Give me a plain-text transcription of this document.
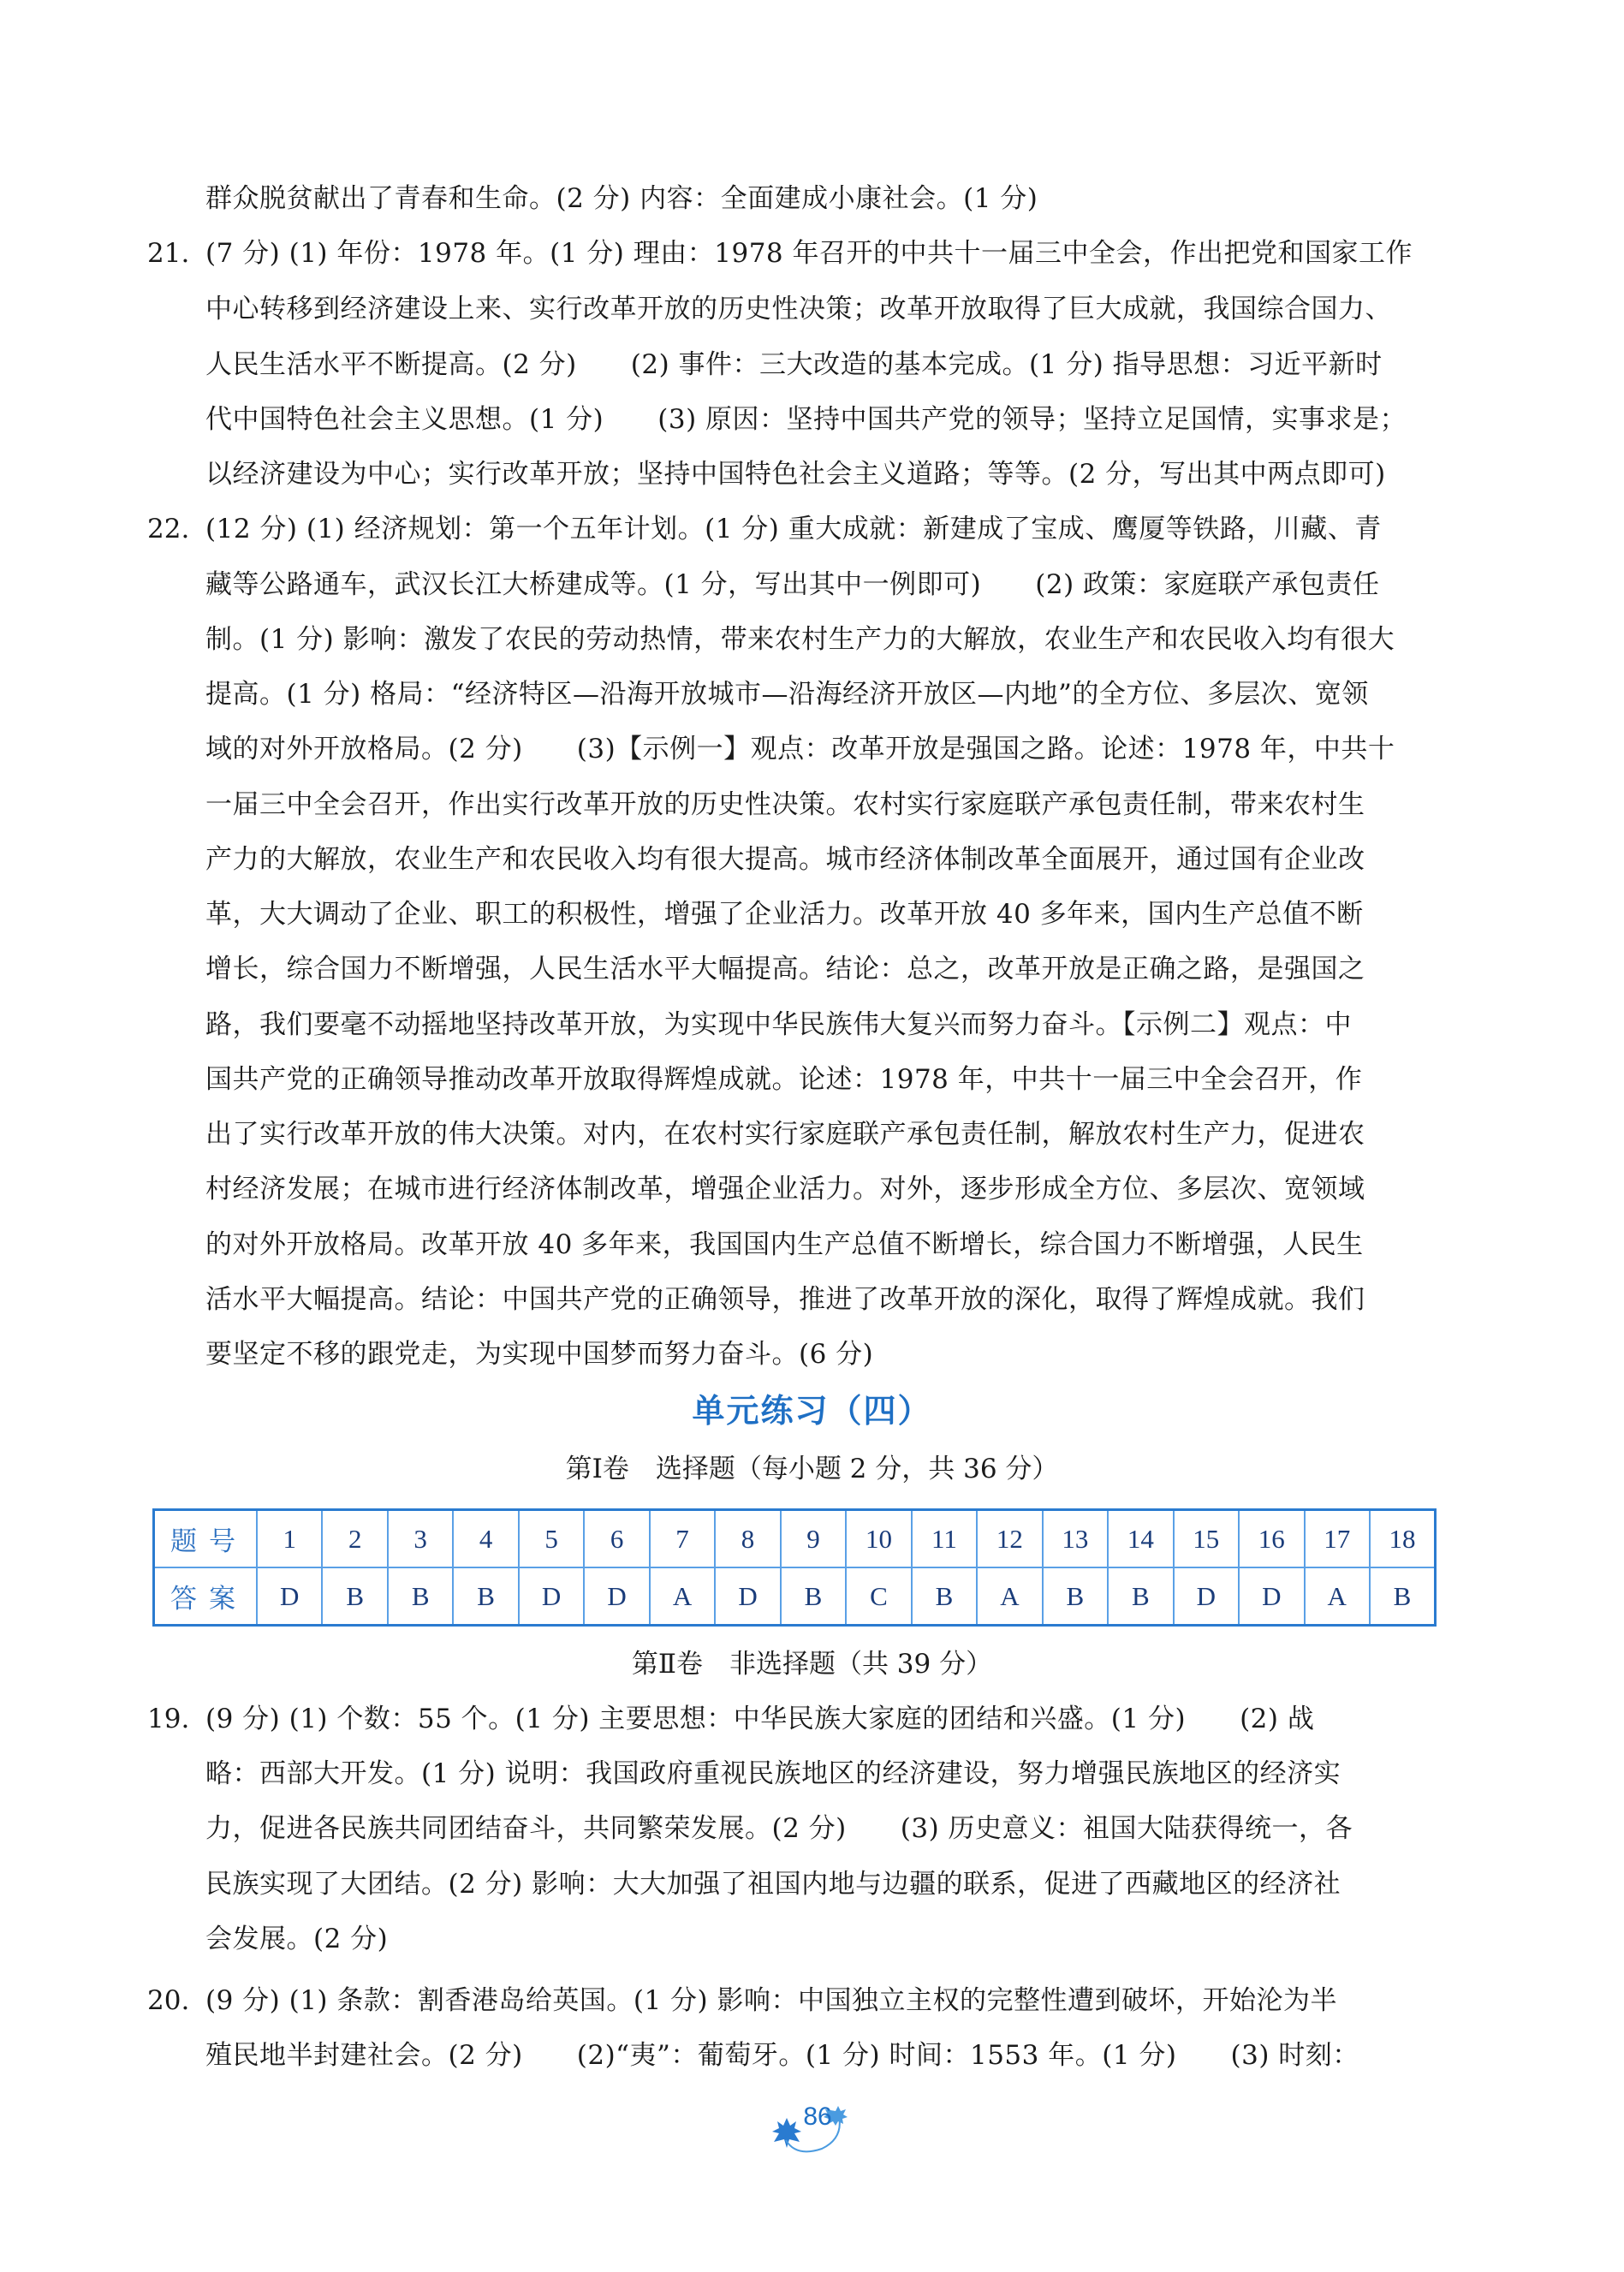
群众脱贫献出了青春和生命。(2 分) 内容：全面建成小康社会。(1 分)
21. (7 分) (1) 年份：1978 年。(1 分) 理由：1978 年召开的中共十一届三中全会，作出把党和国家工作
中心转移到经济建设上来、实行改革开放的历史性决策；改革开放取得了巨大成就，我国综合国力、
人民生活水平不断提高。(2 分)　　(2) 事件：三大改造的基本完成。(1 分) 指导思想：习近平新时
代中国特色社会主义思想。(1 分)　　(3) 原因：坚持中国共产党的领导；坚持立足国情，实事求是；
以经济建设为中心；实行改革开放；坚持中国特色社会主义道路；等等。(2 分，写出其中两点即可)
22. (12 分) (1) 经济规划：第一个五年计划。(1 分) 重大成就：新建成了宝成、鹰厦等铁路，川藏、青
藏等公路通车，武汉长江大桥建成等。(1 分，写出其中一例即可)　　(2) 政策：家庭联产承包责任
制。(1 分) 影响：激发了农民的劳动热情，带来农村生产力的大解放，农业生产和农民收入均有很大
提高。(1 分) 格局：“经济特区—沿海开放城市—沿海经济开放区—内地”的全方位、多层次、宽领
域的对外开放格局。(2 分)　　(3)【示例一】观点：改革开放是强国之路。论述：1978 年，中共十
一届三中全会召开，作出实行改革开放的历史性决策。农村实行家庭联产承包责任制，带来农村生
产力的大解放，农业生产和农民收入均有很大提高。城市经济体制改革全面展开，通过国有企业改
革，大大调动了企业、职工的积极性，增强了企业活力。改革开放 40 多年来，国内生产总值不断
增长，综合国力不断增强，人民生活水平大幅提高。结论：总之，改革开放是正确之路，是强国之
路，我们要毫不动摇地坚持改革开放，为实现中华民族伟大复兴而努力奋斗。【示例二】观点：中
国共产党的正确领导推动改革开放取得辉煌成就。论述：1978 年，中共十一届三中全会召开，作
出了实行改革开放的伟大决策。对内，在农村实行家庭联产承包责任制，解放农村生产力，促进农
村经济发展；在城市进行经济体制改革，增强企业活力。对外，逐步形成全方位、多层次、宽领域
的对外开放格局。改革开放 40 多年来，我国国内生产总值不断增长，综合国力不断增强，人民生
活水平大幅提高。结论：中国共产党的正确领导，推进了改革开放的深化，取得了辉煌成就。我们
要坚定不移的跟党走，为实现中国梦而努力奋斗。(6 分)
单元练习（四）
第Ⅰ卷　选择题（每小题 2 分，共 36 分）
题号	1	2	3	4	5	6	7	8	9	10	11	12	13	14	15	16	17	18
答案	D	B	B	B	D	D	A	D	B	C	B	A	B	B	D	D	A	B
第Ⅱ卷　非选择题（共 39 分）
19. (9 分) (1) 个数：55 个。(1 分) 主要思想：中华民族大家庭的团结和兴盛。(1 分)　　(2) 战
略：西部大开发。(1 分) 说明：我国政府重视民族地区的经济建设，努力增强民族地区的经济实
力，促进各民族共同团结奋斗，共同繁荣发展。(2 分)　　(3) 历史意义：祖国大陆获得统一，各
民族实现了大团结。(2 分) 影响：大大加强了祖国内地与边疆的联系，促进了西藏地区的经济社
会发展。(2 分)
20. (9 分) (1) 条款：割香港岛给英国。(1 分) 影响：中国独立主权的完整性遭到破坏，开始沦为半
殖民地半封建社会。(2 分)　　(2)“夷”：葡萄牙。(1 分) 时间：1553 年。(1 分)　　(3) 时刻：
86
